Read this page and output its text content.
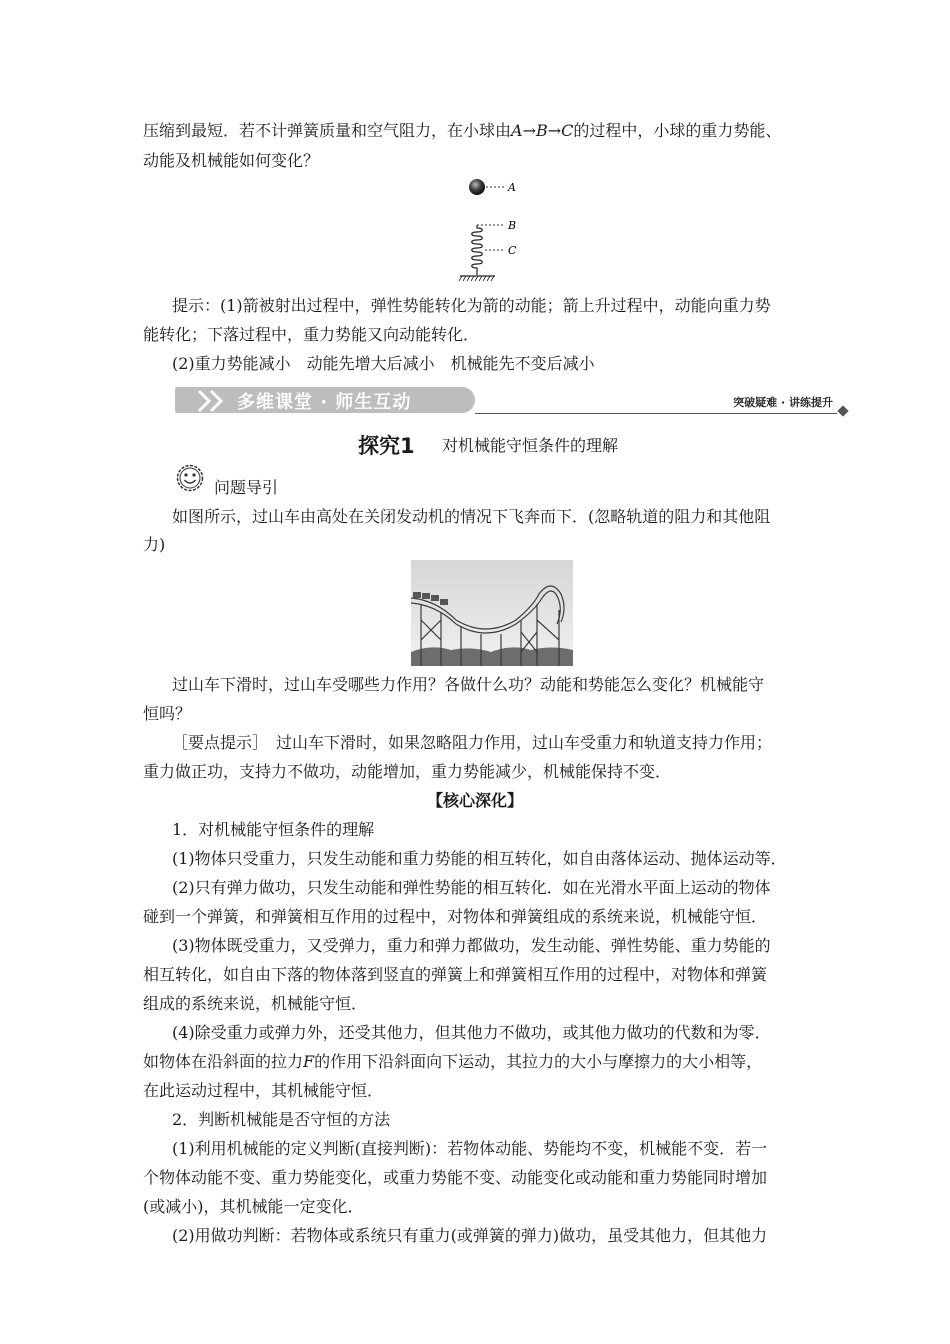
压缩到最短．若不计弹簧质量和空气阻力，在小球由A→B→C的过程中，小球的重力势能、
动能及机械能如何变化？
A
B
C
提示：(1)箭被射出过程中，弹性势能转化为箭的动能；箭上升过程中，动能向重力势
能转化；下落过程中，重力势能又向动能转化．
(2)重力势能减小　动能先增大后减小　机械能先不变后减小
多维课堂 · 师生互动	突破疑难 · 讲练提升
探究1 对机械能守恒条件的理解
问题导引
如图所示，过山车由高处在关闭发动机的情况下飞奔而下．(忽略轨道的阻力和其他阻
力)
过山车下滑时，过山车受哪些力作用？各做什么功？动能和势能怎么变化？机械能守
恒吗？
［要点提示］　过山车下滑时，如果忽略阻力作用，过山车受重力和轨道支持力作用；
重力做正功，支持力不做功，动能增加，重力势能减少，机械能保持不变．
【核心深化】
1．对机械能守恒条件的理解
(1)物体只受重力，只发生动能和重力势能的相互转化，如自由落体运动、抛体运动等．
(2)只有弹力做功，只发生动能和弹性势能的相互转化．如在光滑水平面上运动的物体
碰到一个弹簧，和弹簧相互作用的过程中，对物体和弹簧组成的系统来说，机械能守恒．
(3)物体既受重力，又受弹力，重力和弹力都做功，发生动能、弹性势能、重力势能的
相互转化，如自由下落的物体落到竖直的弹簧上和弹簧相互作用的过程中，对物体和弹簧
组成的系统来说，机械能守恒．
(4)除受重力或弹力外，还受其他力，但其他力不做功，或其他力做功的代数和为零．
如物体在沿斜面的拉力F的作用下沿斜面向下运动，其拉力的大小与摩擦力的大小相等，
在此运动过程中，其机械能守恒．
2．判断机械能是否守恒的方法
(1)利用机械能的定义判断(直接判断)：若物体动能、势能均不变，机械能不变．若一
个物体动能不变、重力势能变化，或重力势能不变、动能变化或动能和重力势能同时增加
(或减小)，其机械能一定变化．
(2)用做功判断：若物体或系统只有重力(或弹簧的弹力)做功，虽受其他力，但其他力
